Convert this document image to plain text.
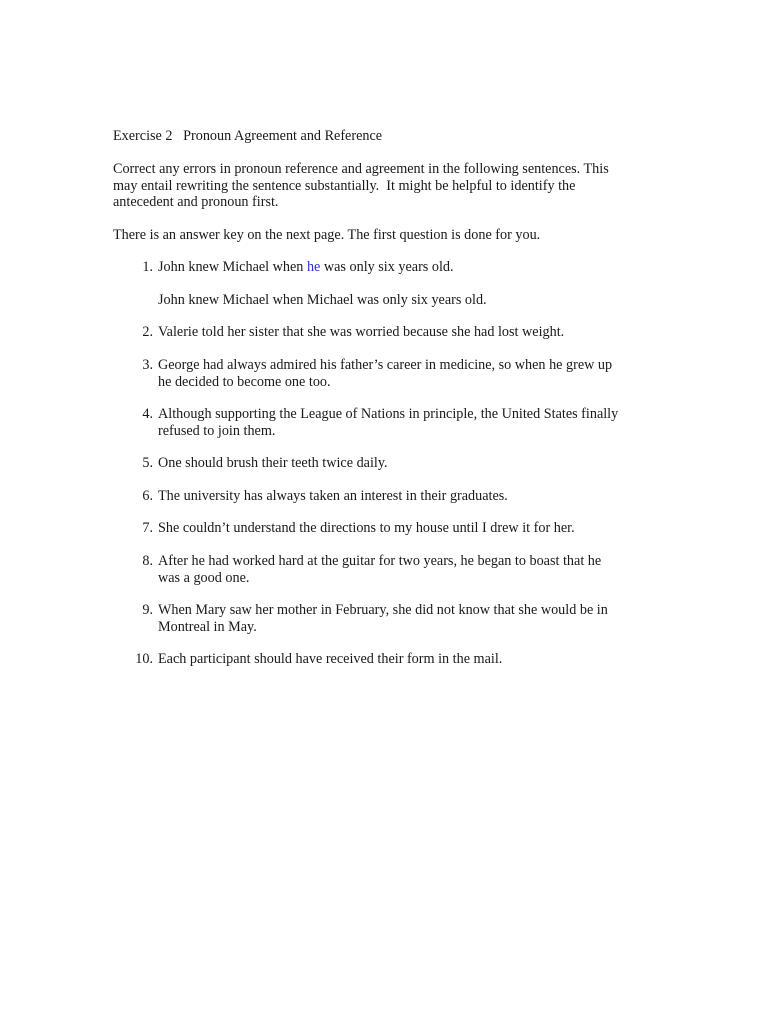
Exercise 2   Pronoun Agreement and Reference
Correct any errors in pronoun reference and agreement in the following sentences. This
may entail rewriting the sentence substantially.  It might be helpful to identify the
antecedent and pronoun first.
There is an answer key on the next page. The first question is done for you.
1. John knew Michael when he was only six years old.
John knew Michael when Michael was only six years old.
2. Valerie told her sister that she was worried because she had lost weight.
3. George had always admired his father’s career in medicine, so when he grew up
he decided to become one too.
4. Although supporting the League of Nations in principle, the United States finally
refused to join them.
5. One should brush their teeth twice daily.
6. The university has always taken an interest in their graduates.
7. She couldn’t understand the directions to my house until I drew it for her.
8. After he had worked hard at the guitar for two years, he began to boast that he
was a good one.
9. When Mary saw her mother in February, she did not know that she would be in
Montreal in May.
10. Each participant should have received their form in the mail.
